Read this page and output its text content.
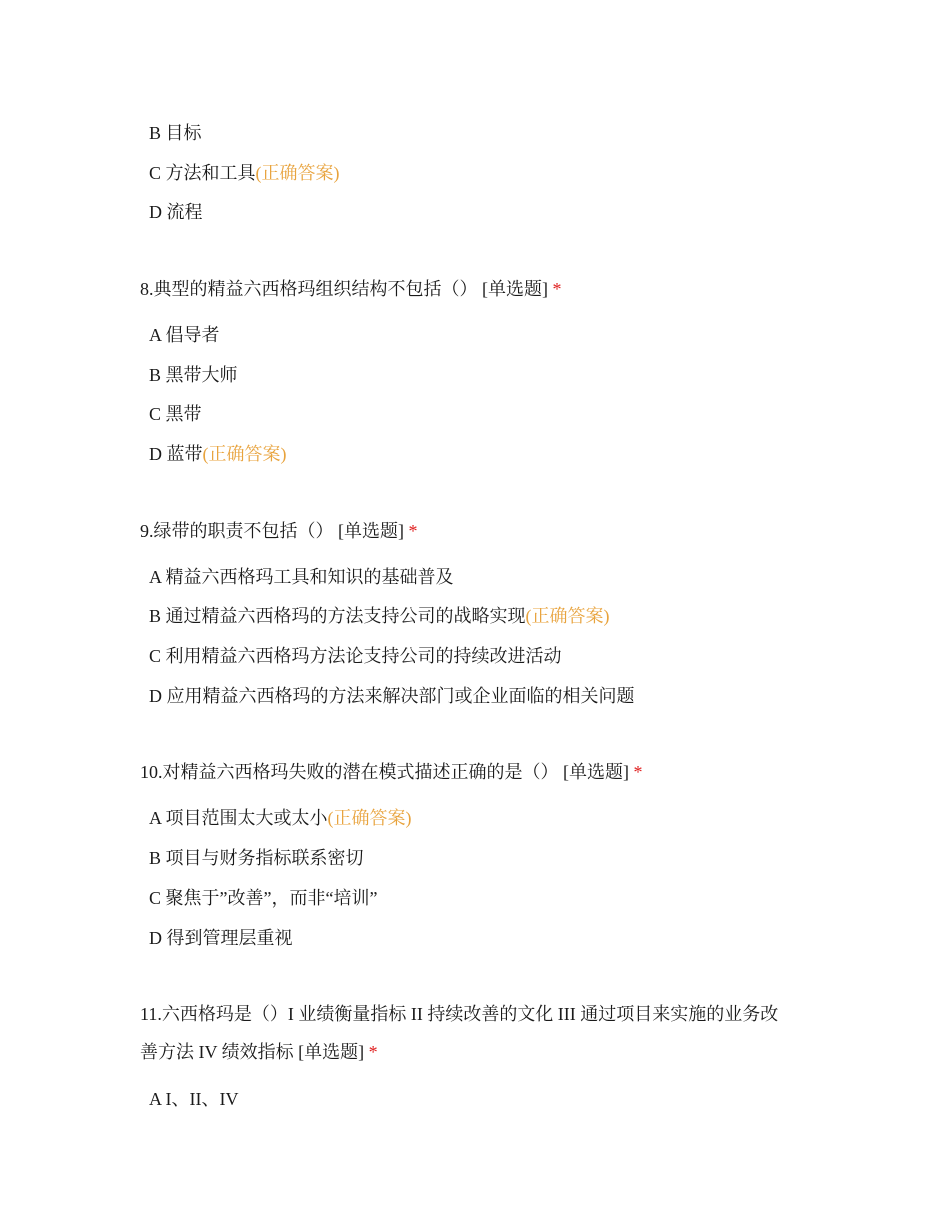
B 目标
C 方法和工具(正确答案)
D 流程
8.典型的精益六西格玛组织结构不包括（） [单选题] *
A 倡导者
B 黑带大师
C 黑带
D 蓝带(正确答案)
9.绿带的职责不包括（） [单选题] *
A 精益六西格玛工具和知识的基础普及
B 通过精益六西格玛的方法支持公司的战略实现(正确答案)
C 利用精益六西格玛方法论支持公司的持续改进活动
D 应用精益六西格玛的方法来解决部门或企业面临的相关问题
10.对精益六西格玛失败的潜在模式描述正确的是（） [单选题] *
A 项目范围太大或太小(正确答案)
B 项目与财务指标联系密切
C 聚焦于”改善”，而非“培训”
D 得到管理层重视
11.六西格玛是（）I 业绩衡量指标 II 持续改善的文化 III 通过项目来实施的业务改
善方法 IV 绩效指标 [单选题] *
A I、II、IV
